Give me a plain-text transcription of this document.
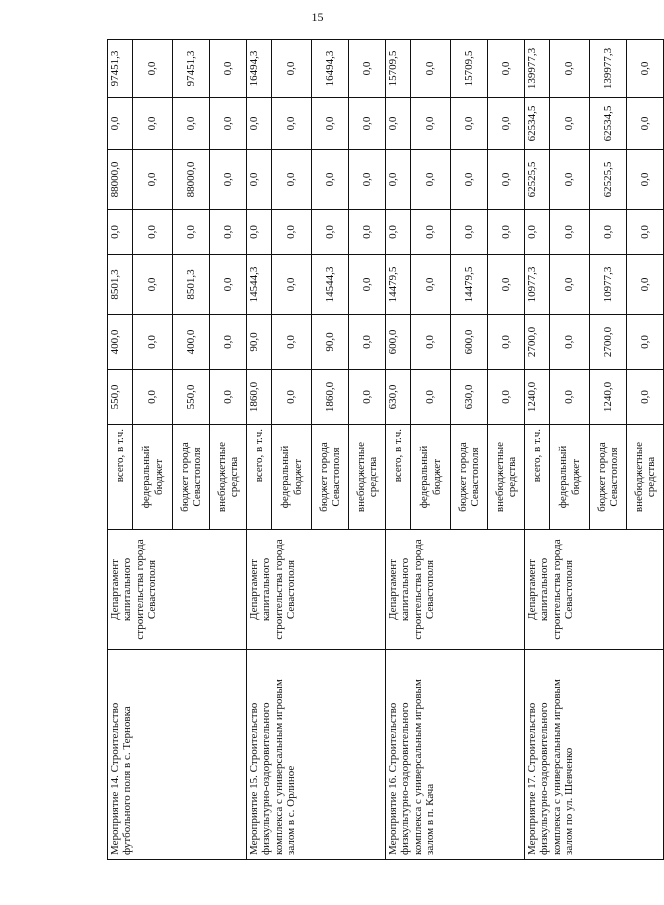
15
Мероприятие 14. Строительство футбольного поля в с. Терновка	Департамент капитального строительства города Севастополя	всего, в т.ч.	550,0	400,0	8501,3	0,0	88000,0	0,0	97451,3
		федеральный бюджет	0,0	0,0	0,0	0,0	0,0	0,0	0,0
		бюджет города Севастополя	550,0	400,0	8501,3	0,0	88000,0	0,0	97451,3
		внебюджетные средства	0,0	0,0	0,0	0,0	0,0	0,0	0,0
Мероприятие 15. Строительство физкультурно-оздоровительного комплекса с универсальным игровым залом в с. Орлиное	Департамент капитального строительства города Севастополя	всего, в т.ч.	1860,0	90,0	14544,3	0,0	0,0	0,0	16494,3
		федеральный бюджет	0,0	0,0	0,0	0,0	0,0	0,0	0,0
		бюджет города Севастополя	1860,0	90,0	14544,3	0,0	0,0	0,0	16494,3
		внебюджетные средства	0,0	0,0	0,0	0,0	0,0	0,0	0,0
Мероприятие 16. Строительство физкультурно-оздоровительного комплекса с универсальным игровым залом в п. Кача	Департамент капитального строительства города Севастополя	всего, в т.ч.	630,0	600,0	14479,5	0,0	0,0	0,0	15709,5
		федеральный бюджет	0,0	0,0	0,0	0,0	0,0	0,0	0,0
		бюджет города Севастополя	630,0	600,0	14479,5	0,0	0,0	0,0	15709,5
		внебюджетные средства	0,0	0,0	0,0	0,0	0,0	0,0	0,0
Мероприятие 17. Строительство физкультурно-оздоровительного комплекса с универсальным игровым залом по ул. Шевченко	Департамент капитального строительства города Севастополя	всего, в т.ч.	1240,0	2700,0	10977,3	0,0	62525,5	62534,5	139977,3
		федеральный бюджет	0,0	0,0	0,0	0,0	0,0	0,0	0,0
		бюджет города Севастополя	1240,0	2700,0	10977,3	0,0	62525,5	62534,5	139977,3
		внебюджетные средства	0,0	0,0	0,0	0,0	0,0	0,0	0,0
